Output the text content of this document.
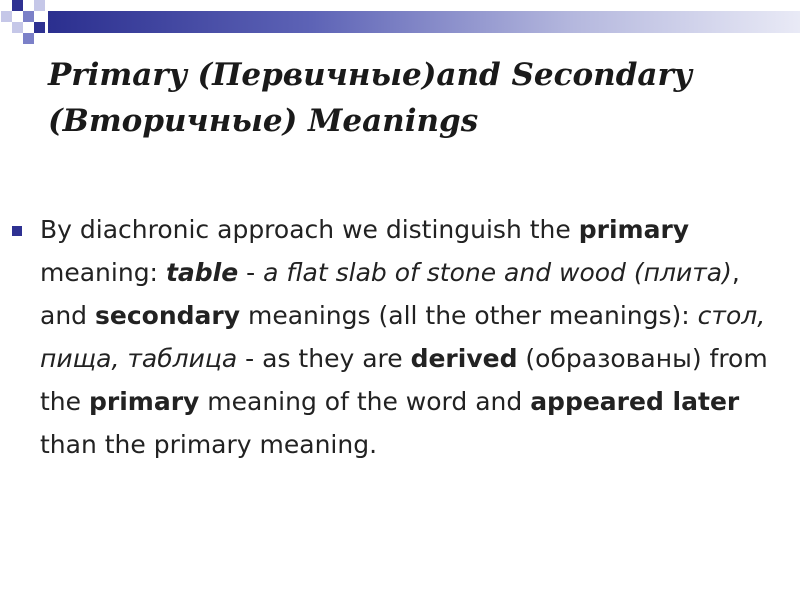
Primary (Первичные)and Secondary (Вторичные) Meanings

By diachronic approach we distinguish the primary meaning: table - a flat slab of stone and wood (плита), and secondary meanings (all the other meanings): стол, пища, таблица - as they are derived (образованы) from the primary meaning of the word and appeared later than the primary meaning.
